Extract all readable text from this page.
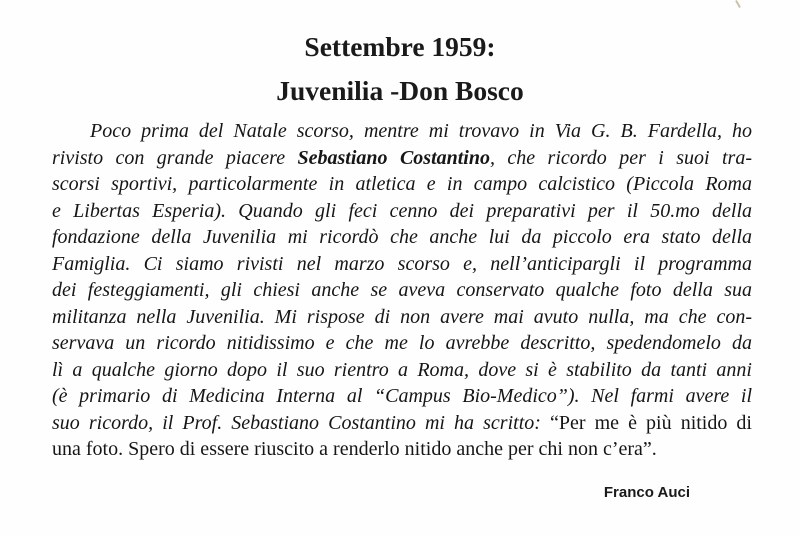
Settembre 1959:
Juvenilia -Don Bosco
Poco prima del Natale scorso, mentre mi trovavo in Via G. B. Fardella, ho
rivisto con grande piacere Sebastiano Costantino, che ricordo per i suoi tra-
scorsi sportivi, particolarmente in atletica e in campo calcistico (Piccola Roma
e Libertas Esperia). Quando gli feci cenno dei preparativi per il 50.mo della
fondazione della Juvenilia mi ricordò che anche lui da piccolo era stato della
Famiglia. Ci siamo rivisti nel marzo scorso e, nell’anticipargli il programma
dei festeggiamenti, gli chiesi anche se aveva conservato qualche foto della sua
militanza nella Juvenilia. Mi rispose di non avere mai avuto nulla, ma che con-
servava un ricordo nitidissimo e che me lo avrebbe descritto, spedendomelo da
lì a qualche giorno dopo il suo rientro a Roma, dove si è stabilito da tanti anni
(è primario di Medicina Interna al “Campus Bio-Medico”). Nel farmi avere il
suo ricordo, il Prof. Sebastiano Costantino mi ha scritto: “Per me è più nitido di
una foto. Spero di essere riuscito a renderlo nitido anche per chi non c’era”.
Franco Auci
